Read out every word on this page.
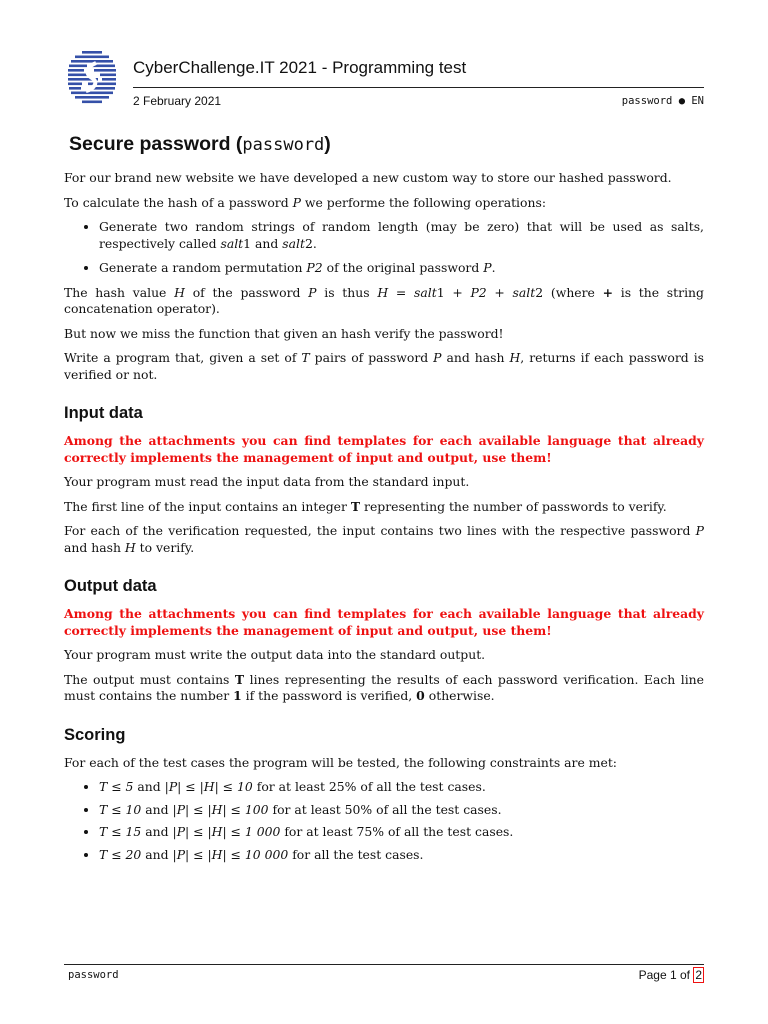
CyberChallenge.IT 2021 - Programming test
2 February 2021	password ● EN
Secure password (password)

For our brand new website we have developed a new custom way to store our hashed password.

To calculate the hash of a password P we performe the following operations:

• Generate two random strings of random length (may be zero) that will be used as salts, respectively called salt1 and salt2.
• Generate a random permutation P2 of the original password P.

The hash value H of the password P is thus H = salt1 + P2 + salt2 (where + is the string concatenation operator).

But now we miss the function that given an hash verify the password!

Write a program that, given a set of T pairs of password P and hash H, returns if each password is verified or not.

Input data

Among the attachments you can find templates for each available language that already correctly implements the management of input and output, use them!

Your program must read the input data from the standard input.

The first line of the input contains an integer T representing the number of passwords to verify.

For each of the verification requested, the input contains two lines with the respective password P and hash H to verify.

Output data

Among the attachments you can find templates for each available language that already correctly implements the management of input and output, use them!

Your program must write the output data into the standard output.

The output must contains T lines representing the results of each password verification. Each line must contains the number 1 if the password is verified, 0 otherwise.

Scoring

For each of the test cases the program will be tested, the following constraints are met:

• T ≤ 5 and |P| ≤ |H| ≤ 10 for at least 25% of all the test cases.
• T ≤ 10 and |P| ≤ |H| ≤ 100 for at least 50% of all the test cases.
• T ≤ 15 and |P| ≤ |H| ≤ 1 000 for at least 75% of all the test cases.
• T ≤ 20 and |P| ≤ |H| ≤ 10 000 for all the test cases.
password	Page 1 of 2
